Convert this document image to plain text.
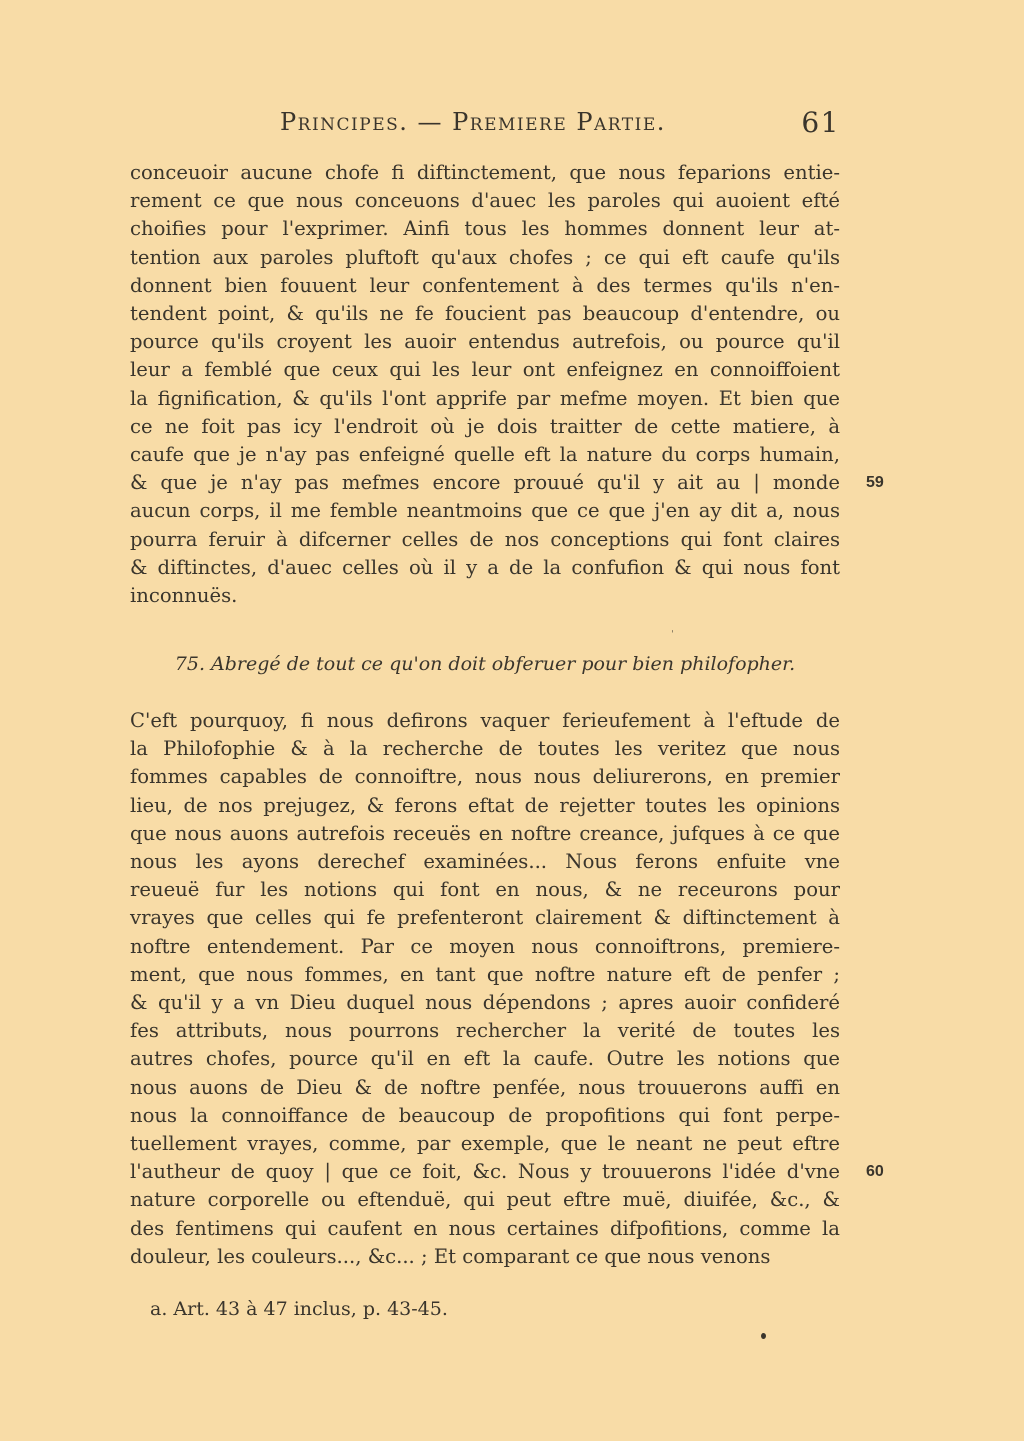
Principes. — Premiere Partie.	61
conceuoir aucune chofe fi diftinctement, que nous feparions entie-
rement ce que nous conceuons d'auec les paroles qui auoient efté
choifies pour l'exprimer. Ainfi tous les hommes donnent leur at-
tention aux paroles pluftoft qu'aux chofes ; ce qui eft caufe qu'ils
donnent bien fouuent leur confentement à des termes qu'ils n'en-
tendent point, & qu'ils ne fe foucient pas beaucoup d'entendre, ou
pource qu'ils croyent les auoir entendus autrefois, ou pource qu'il
leur a femblé que ceux qui les leur ont enfeignez en connoiffoient
la fignification, & qu'ils l'ont apprife par mefme moyen. Et bien que
ce ne foit pas icy l'endroit où je dois traitter de cette matiere, à
caufe que je n'ay pas enfeigné quelle eft la nature du corps humain,
& que je n'ay pas mefmes encore prouué qu'il y ait au | monde
aucun corps, il me femble neantmoins que ce que j'en ay dit a, nous
pourra feruir à difcerner celles de nos conceptions qui font claires
& diftinctes, d'auec celles où il y a de la confufion & qui nous font
inconnuës.
59
ˈ
75. Abregé de tout ce qu'on doit obferuer pour bien philofopher.
C'eft pourquoy, fi nous defirons vaquer ferieufement à l'eftude de
la Philofophie & à la recherche de toutes les veritez que nous
fommes capables de connoiftre, nous nous deliurerons, en premier
lieu, de nos prejugez, & ferons eftat de rejetter toutes les opinions
que nous auons autrefois receuës en noftre creance, jufques à ce que
nous les ayons derechef examinées... Nous ferons enfuite vne
reueuë fur les notions qui font en nous, & ne receurons pour
vrayes que celles qui fe prefenteront clairement & diftinctement à
noftre entendement. Par ce moyen nous connoiftrons, premiere-
ment, que nous fommes, en tant que noftre nature eft de penfer ;
& qu'il y a vn Dieu duquel nous dépendons ; apres auoir confideré
fes attributs, nous pourrons rechercher la verité de toutes les
autres chofes, pource qu'il en eft la caufe. Outre les notions que
nous auons de Dieu & de noftre penfée, nous trouuerons auffi en
nous la connoiffance de beaucoup de propofitions qui font perpe-
tuellement vrayes, comme, par exemple, que le neant ne peut eftre
l'autheur de quoy | que ce foit, &c. Nous y trouuerons l'idée d'vne
nature corporelle ou eftenduë, qui peut eftre muë, diuifée, &c., &
des fentimens qui caufent en nous certaines difpofitions, comme la
douleur, les couleurs..., &c... ; Et comparant ce que nous venons
60
a. Art. 43 à 47 inclus, p. 43-45.
